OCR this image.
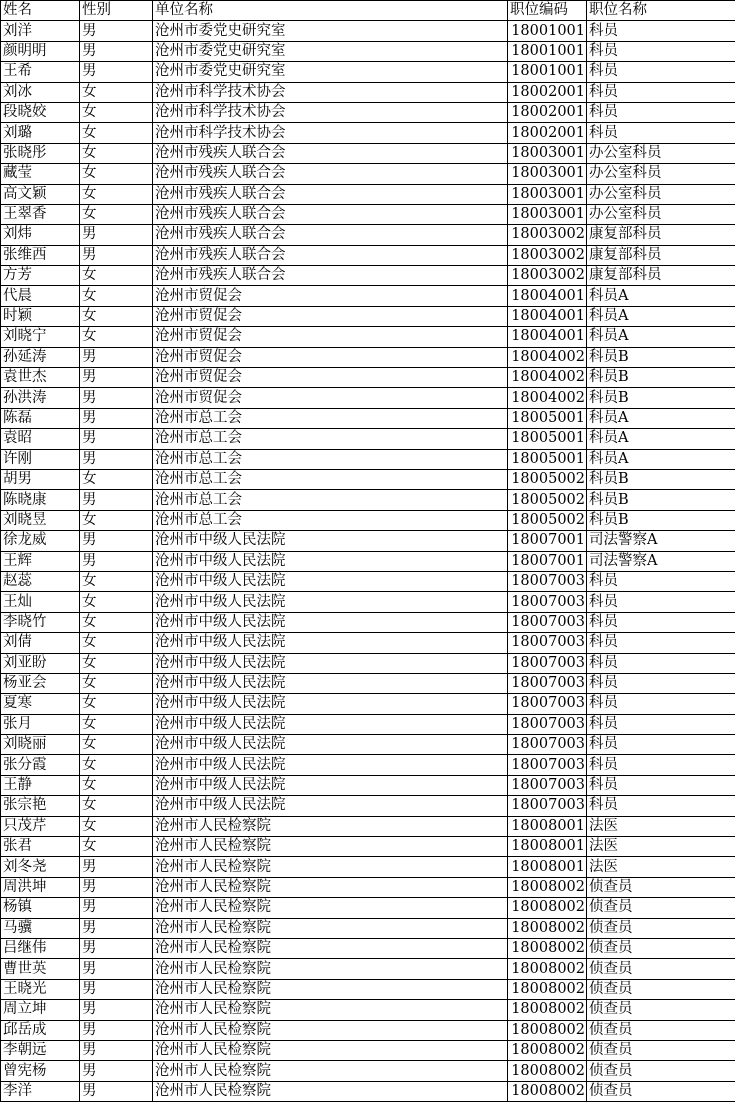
姓名	性别	单位名称	职位编码	职位名称
刘洋	男	沧州市委党史研究室	18001001	科员
颜明明	男	沧州市委党史研究室	18001001	科员
王希	男	沧州市委党史研究室	18001001	科员
刘冰	女	沧州市科学技术协会	18002001	科员
段晓姣	女	沧州市科学技术协会	18002001	科员
刘璐	女	沧州市科学技术协会	18002001	科员
张晓彤	女	沧州市残疾人联合会	18003001	办公室科员
藏莹	女	沧州市残疾人联合会	18003001	办公室科员
高文颖	女	沧州市残疾人联合会	18003001	办公室科员
王翠香	女	沧州市残疾人联合会	18003001	办公室科员
刘炜	男	沧州市残疾人联合会	18003002	康复部科员
张维西	男	沧州市残疾人联合会	18003002	康复部科员
方芳	女	沧州市残疾人联合会	18003002	康复部科员
代晨	女	沧州市贸促会	18004001	科员A
时颖	女	沧州市贸促会	18004001	科员A
刘晓宁	女	沧州市贸促会	18004001	科员A
孙延涛	男	沧州市贸促会	18004002	科员B
袁世杰	男	沧州市贸促会	18004002	科员B
孙洪涛	男	沧州市贸促会	18004002	科员B
陈磊	男	沧州市总工会	18005001	科员A
袁昭	男	沧州市总工会	18005001	科员A
许刚	男	沧州市总工会	18005001	科员A
胡男	女	沧州市总工会	18005002	科员B
陈晓康	男	沧州市总工会	18005002	科员B
刘晓昱	女	沧州市总工会	18005002	科员B
徐龙威	男	沧州市中级人民法院	18007001	司法警察A
王辉	男	沧州市中级人民法院	18007001	司法警察A
赵蕊	女	沧州市中级人民法院	18007003	科员
王灿	女	沧州市中级人民法院	18007003	科员
李晓竹	女	沧州市中级人民法院	18007003	科员
刘倩	女	沧州市中级人民法院	18007003	科员
刘亚盼	女	沧州市中级人民法院	18007003	科员
杨亚会	女	沧州市中级人民法院	18007003	科员
夏寒	女	沧州市中级人民法院	18007003	科员
张月	女	沧州市中级人民法院	18007003	科员
刘晓丽	女	沧州市中级人民法院	18007003	科员
张分霞	女	沧州市中级人民法院	18007003	科员
王静	女	沧州市中级人民法院	18007003	科员
张宗艳	女	沧州市中级人民法院	18007003	科员
只茂芹	女	沧州市人民检察院	18008001	法医
张君	女	沧州市人民检察院	18008001	法医
刘冬尧	男	沧州市人民检察院	18008001	法医
周洪坤	男	沧州市人民检察院	18008002	侦查员
杨镇	男	沧州市人民检察院	18008002	侦查员
马骥	男	沧州市人民检察院	18008002	侦查员
吕继伟	男	沧州市人民检察院	18008002	侦查员
曹世英	男	沧州市人民检察院	18008002	侦查员
王晓光	男	沧州市人民检察院	18008002	侦查员
周立坤	男	沧州市人民检察院	18008002	侦查员
邱岳成	男	沧州市人民检察院	18008002	侦查员
李朝远	男	沧州市人民检察院	18008002	侦查员
曾宪杨	男	沧州市人民检察院	18008002	侦查员
李洋	男	沧州市人民检察院	18008002	侦查员
